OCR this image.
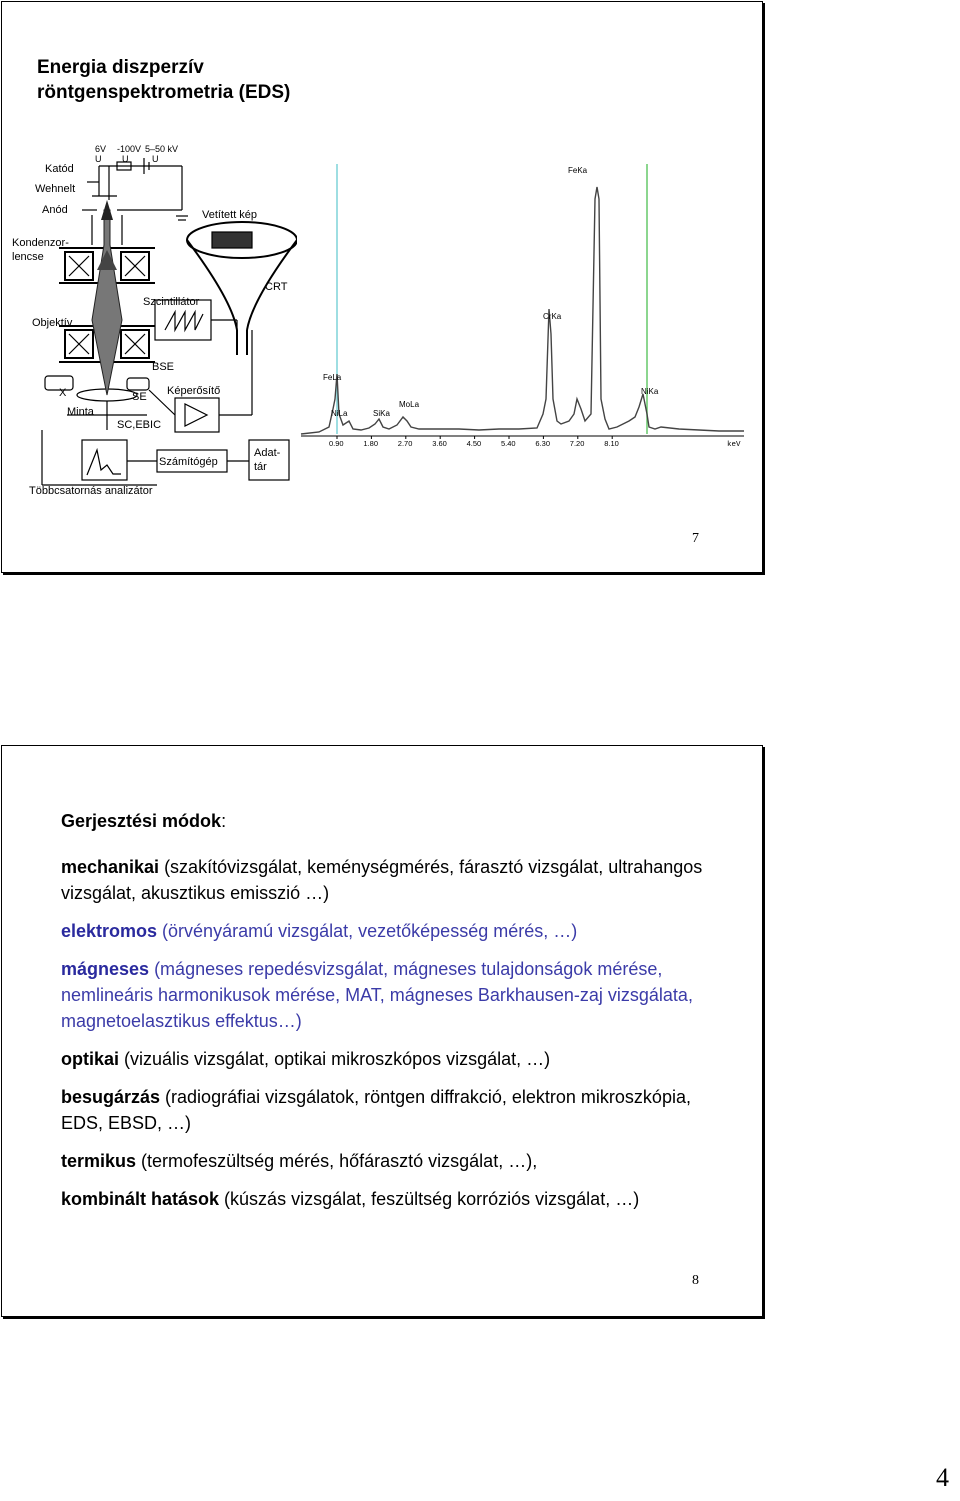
Energia diszperzív
röntgenspektrometria (EDS)
6V -100V 5–50 kV
U U	U
Katód
Wehnelt
Anód	Vetített kép
Kondenzor-
lencse
Szcintillátor
CRT
Objektív
BSE
X	SE Képerősítő
Minta
SC,EBIC
Számítógép
Adat-
tár
Többcsatornás analizátor
FeKa
CrKa
FeLa
NiLa	SiKa
MoLa
NiKa
0.90	1.80	2.70	3.60	4.50	5.40	6.30	7.20	8.10	keV
7
Gerjesztési módok:
mechanikai (szakítóvizsgálat, keménységmérés, fárasztó vizsgálat, ultrahangos vizsgálat, akusztikus emisszió …)
elektromos (örvényáramú vizsgálat, vezetőképesség mérés, …)
mágneses (mágneses repedésvizsgálat, mágneses tulajdonságok mérése, nemlineáris harmonikusok mérése, MAT, mágneses Barkhausen-zaj vizsgálata, magnetoelasztikus effektus…)
optikai (vizuális vizsgálat, optikai mikroszkópos vizsgálat, …)
besugárzás (radiográfiai vizsgálatok, röntgen diffrakció, elektron mikroszkópia, EDS, EBSD, …)
termikus (termofeszültség mérés, hőfárasztó vizsgálat, …),
kombinált hatások (kúszás vizsgálat, feszültség korróziós vizsgálat, …)
8
4
